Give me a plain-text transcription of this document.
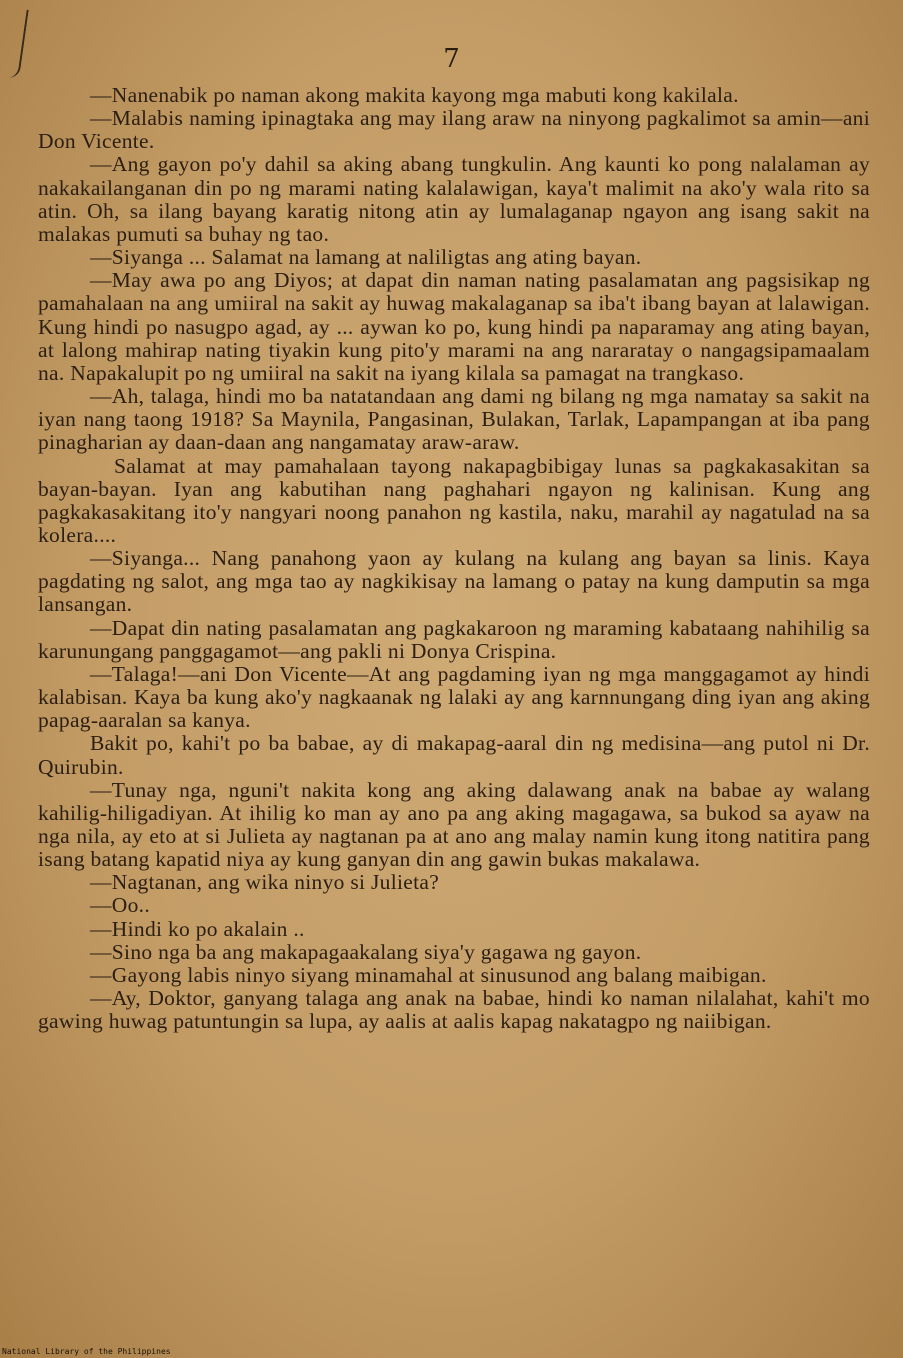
7

—Nanenabik po naman akong makita kayong mga mabuti kong kakilala.

—Malabis naming ipinagtaka ang may ilang araw na ninyong pagkalimot sa amin—ani Don Vicente.

—Ang gayon po'y dahil sa aking abang tungkulin. Ang kaunti ko pong nalalaman ay nakakailanganan din po ng marami nating kalalawigan, kaya't malimit na ako'y wala rito sa atin. Oh, sa ilang bayang karatig nitong atin ay lumalaganap ngayon ang isang sakit na malakas pumuti sa buhay ng tao.

—Siyanga ... Salamat na lamang at naliligtas ang ating bayan.

—May awa po ang Diyos; at dapat din naman nating pasalamatan ang pagsisikap ng pamahalaan na ang umiiral na sakit ay huwag makalaganap sa iba't ibang bayan at lalawigan. Kung hindi po nasugpo agad, ay ... aywan ko po, kung hindi pa naparamay ang ating bayan, at lalong mahirap nating tiyakin kung pito'y marami na ang nararatay o nangagsipamaalam na. Napakalupit po ng umiiral na sakit na iyang kilala sa pamagat na trangkaso.

—Ah, talaga, hindi mo ba natatandaan ang dami ng bilang ng mga namatay sa sakit na iyan nang taong 1918? Sa Maynila, Pangasinan, Bulakan, Tarlak, Lapampangan at iba pang pinagharian ay daan-daan ang nangamatay araw-araw.

Salamat at may pamahalaan tayong nakapagbibigay lunas sa pagkakasakitan sa bayan-bayan. Iyan ang kabutihan nang paghahari ngayon ng kalinisan. Kung ang pagkakasakitang ito'y nangyari noong panahon ng kastila, naku, marahil ay nagatulad na sa kolera....

—Siyanga... Nang panahong yaon ay kulang na kulang ang bayan sa linis. Kaya pagdating ng salot, ang mga tao ay nagkikisay na lamang o patay na kung damputin sa mga lansangan.

—Dapat din nating pasalamatan ang pagkakaroon ng maraming kabataang nahihilig sa karunungang panggagamot—ang pakli ni Donya Crispina.

—Talaga!—ani Don Vicente—At ang pagdaming iyan ng mga manggagamot ay hindi kalabisan. Kaya ba kung ako'y nagkaanak ng lalaki ay ang karnnungang ding iyan ang aking papag-aaralan sa kanya.

Bakit po, kahi't po ba babae, ay di makapag-aaral din ng medisina—ang putol ni Dr. Quirubin.

—Tunay nga, nguni't nakita kong ang aking dalawang anak na babae ay walang kahilig-hiligadiyan. At ihilig ko man ay ano pa ang aking magagawa, sa bukod sa ayaw na nga nila, ay eto at si Julieta ay nagtanan pa at ano ang malay namin kung itong natitira pang isang batang kapatid niya ay kung ganyan din ang gawin bukas makalawa.

—Nagtanan, ang wika ninyo si Julieta?

—Oo..

—Hindi ko po akalain ..

—Sino nga ba ang makapagaakalang siya'y gagawa ng gayon.

—Gayong labis ninyo siyang minamahal at sinusunod ang balang maibigan.

—Ay, Doktor, ganyang talaga ang anak na babae, hindi ko naman nilalahat, kahi't mo gawing huwag patuntungin sa lupa, ay aalis at aalis kapag nakatagpo ng naiibigan.

National Library of the Philippines
